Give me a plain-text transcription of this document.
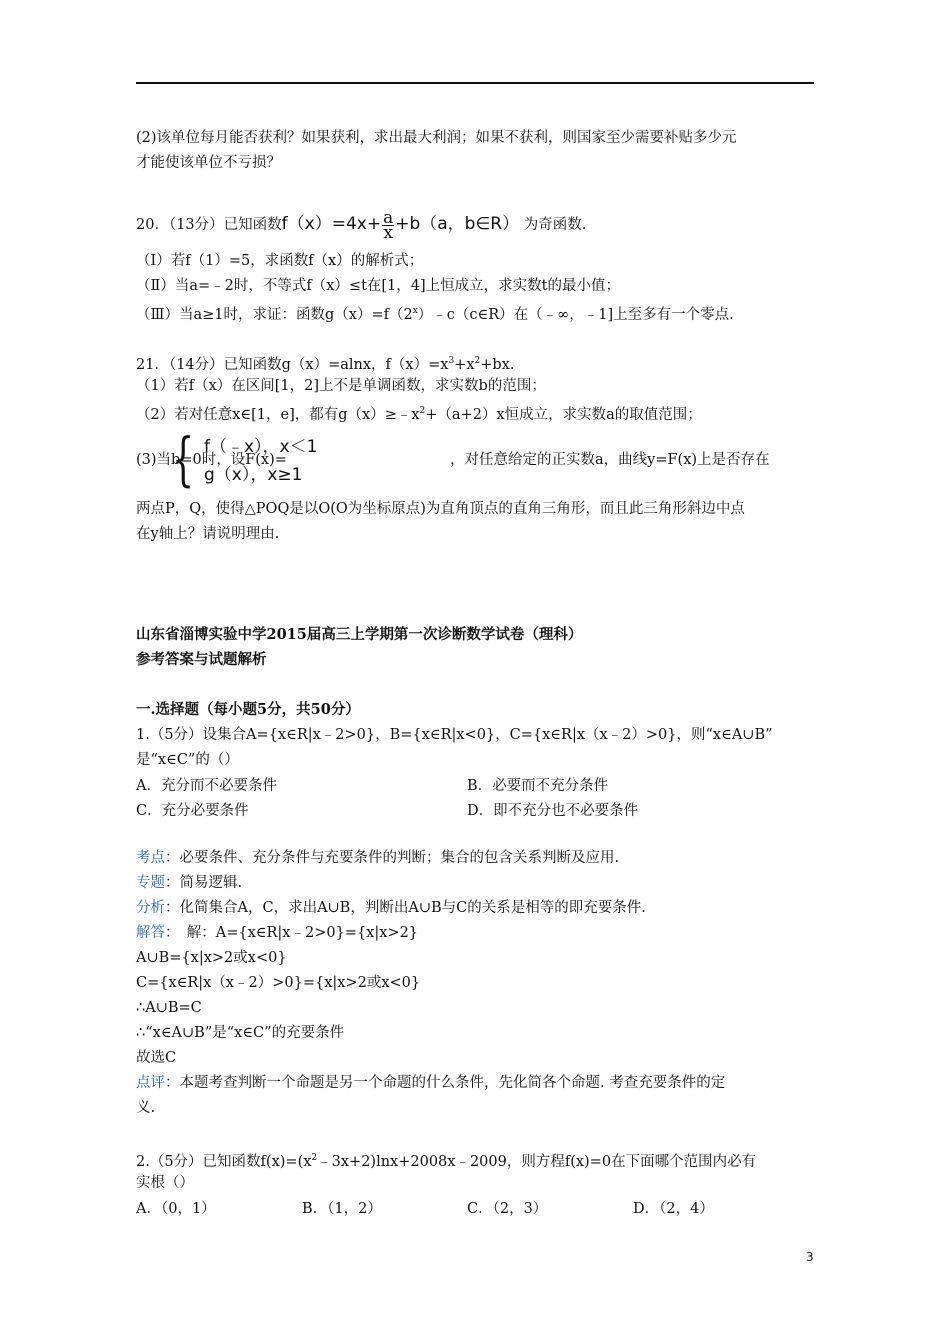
(2)该单位每月能否获利？如果获利，求出最大利润；如果不获利，则国家至少需要补贴多少元
才能使该单位不亏损？
20．（13分）已知函数$f(x)=4x+ \frac{a}{x} +b(a$，b∈R） 为奇函数.
（Ⅰ）若f（1）=5，求函数f（x）的解析式；
（Ⅱ）当a=﹣2时，不等式f（x）≤t在[1，4]上恒成立，求实数t的最小值；
（Ⅲ）当a≥1时，求证：函数$g(x)=f(2^x)﹣c(c\in R)$在（﹣∞，﹣1]上至多有一个零点.
21．（14分）已知函数g（x）=alnx，$f(x)=x^3+x^2+bx$.
（1）若f（x）在区间[1，2]上不是单调函数，求实数b的范围；
（2）若对任意x∈[1，e]，都有$g(x)\ge﹣x^2+(a+2)x$恒成立，求实数a的取值范围；
(3)当b=0时，设F(x)=
{ f（﹣x），x＜1
g（x），x≥1
，对任意给定的正实数a，曲线y=F(x)上是否存在
两点P，Q，使得△POQ是以O(O为坐标原点)为直角顶点的直角三角形，而且此三角形斜边中点
在y轴上？请说明理由.
山东省淄博实验中学2015届高三上学期第一次诊断数学试卷（理科）
参考答案与试题解析
一.选择题（每小题5分，共50分）
1.（5分）设集合A={x∈R|x﹣2>0}，B={x∈R|x<0}，C={x∈R|x（x﹣2）>0}，则“x∈A∪B”
是“x∈C”的（）
A．充分而不必要条件	B．必要而不充分条件
C．充分必要条件	D．即不充分也不必要条件
考点：必要条件、充分条件与充要条件的判断；集合的包含关系判断及应用.
专题：简易逻辑.
分析：化简集合A，C，求出A∪B，判断出A∪B与C的关系是相等的即充要条件.
解答：　解：A={x∈R|x﹣2>0}={x|x>2}
A∪B={x|x>2或x<0}
C={x∈R|x（x﹣2）>0}={x|x>2或x<0}
∴A∪B=C
∴“x∈A∪B”是“x∈C”的充要条件
故选C
点评：本题考查判断一个命题是另一个命题的什么条件，先化简各个命题. 考查充要条件的定
义.
2.（5分）已知函数$f(x)=(x^2﹣3x+2)\ln x+2008x﹣2009$，则方程f(x)=0在下面哪个范围内必有
实根（）
A．（0，1）	B．（1，2）	C．（2，3）	D．（2，4）
3
